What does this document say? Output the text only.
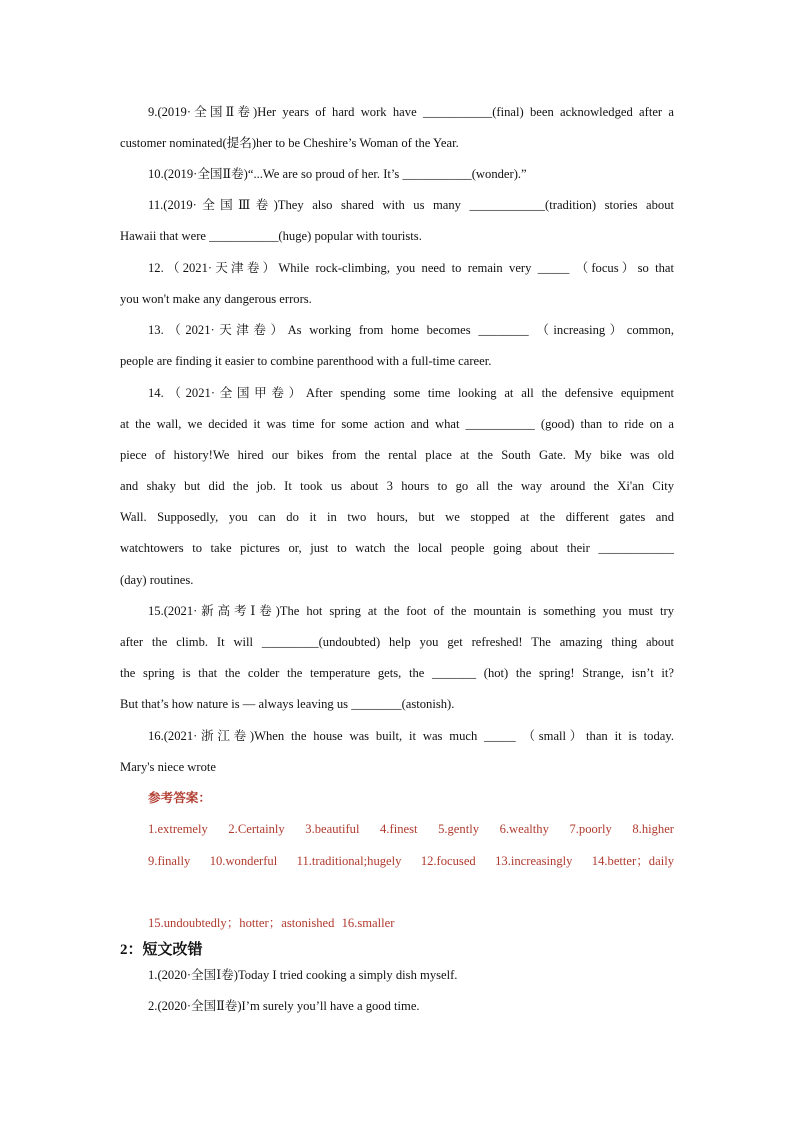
9.(2019·全国Ⅱ卷)Her years of hard work have ___________(final) been acknowledged after a
customer nominated(提名)her to be Cheshire’s Woman of the Year.
10.(2019·全国Ⅱ卷)“...We are so proud of her. It’s ___________(wonder).”
11.(2019·全国Ⅲ卷)They also shared with us many ____________(tradition) stories about
Hawaii that were ___________(huge) popular with tourists.
12.（2021·天津卷）While rock-climbing, you need to remain very _____ （focus）so that
you won't make any dangerous errors.
13.（2021·天津卷）As working from home becomes ________ （increasing）common,
people are finding it easier to combine parenthood with a full-time career.
14.（2021·全国甲卷）After spending some time looking at all the defensive equipment
at the wall, we decided it was time for some action and what ___________ (good) than to ride on a
piece of history!We hired our bikes from the rental place at the South Gate. My bike was old
and shaky but did the job. It took us about 3 hours to go all the way around the Xi'an City
Wall. Supposedly, you can do it in two hours, but we stopped at the different gates and
watchtowers to take pictures or, just to watch the local people going about their ____________
(day) routines.
15.(2021·新高考Ⅰ卷)The hot spring at the foot of the mountain is something you must try
after the climb. It will _________(undoubted) help you get refreshed! The amazing thing about
the spring is that the colder the temperature gets, the _______ (hot) the spring! Strange, isn’t it?
But that’s how nature is — always leaving us ________(astonish).
16.(2021·浙江卷)When the house was built, it was much _____ （small）than it is today.
Mary's niece wrote
参考答案：
1.extremely 2.Certainly 3.beautiful 4.finest 5.gently 6.wealthy 7.poorly 8.higher
9.finally 10.wonderful 11.traditional;hugely 12.focused 13.increasingly 14.better；daily
15.undoubtedly；hotter；astonished 16.smaller
2：短文改错
1.(2020·全国Ⅰ卷)Today I tried cooking a simply dish myself.
2.(2020·全国Ⅱ卷)I’m surely you’ll have a good time.
